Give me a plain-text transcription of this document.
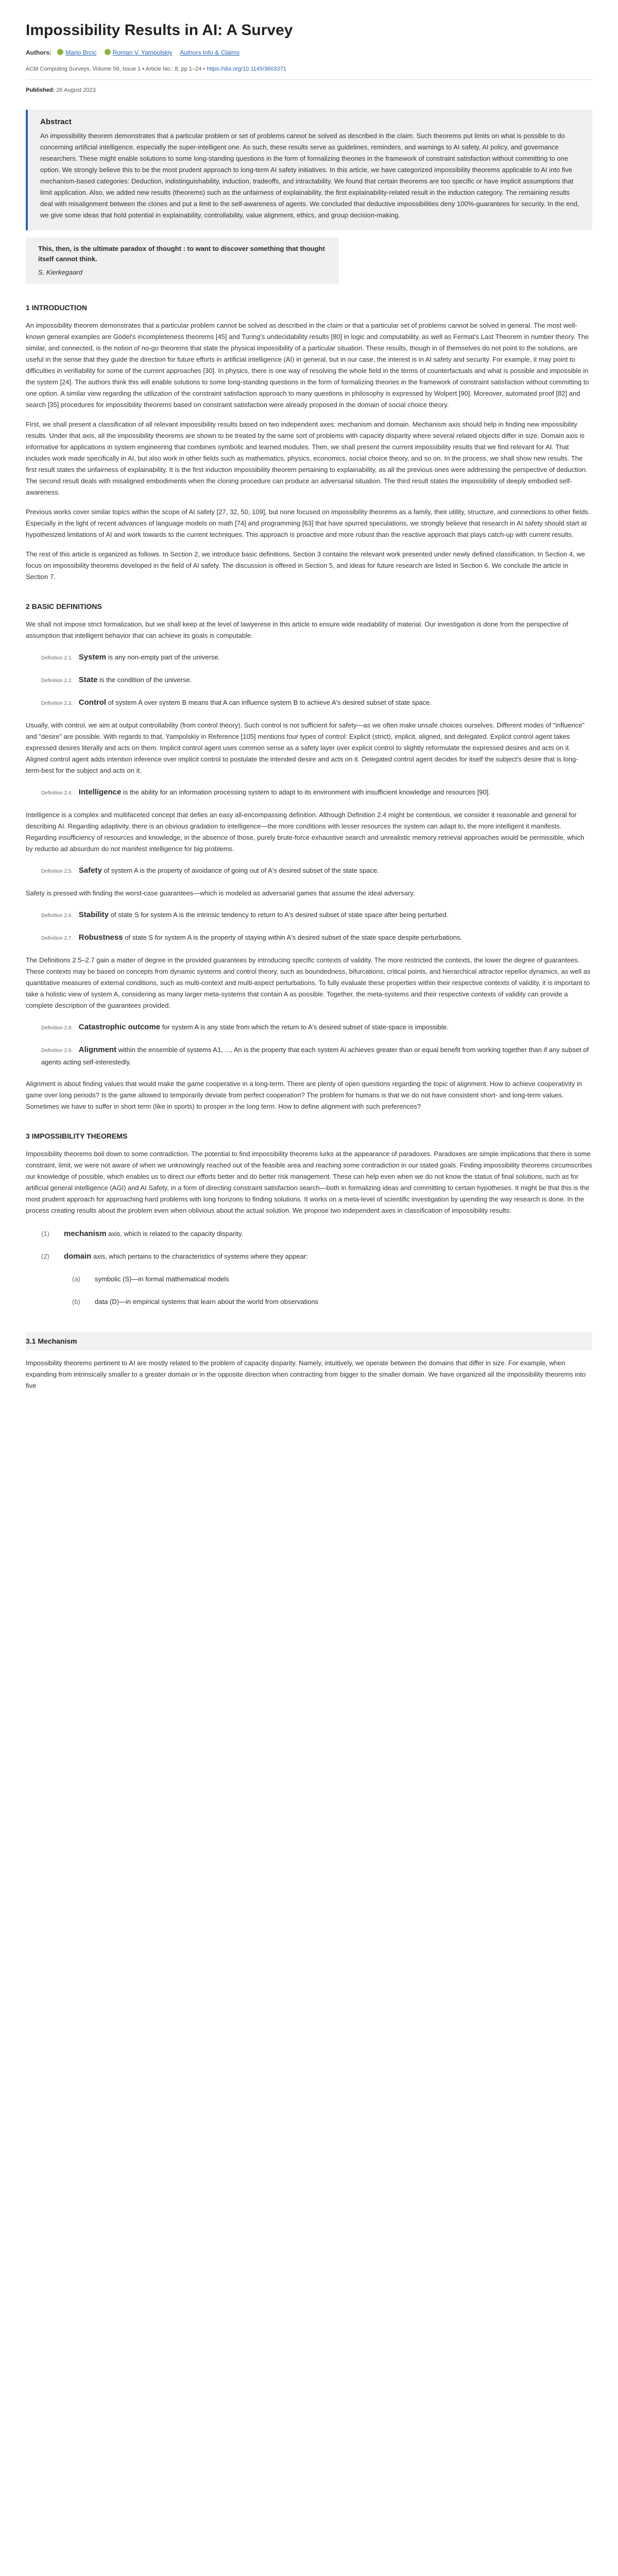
Impossibility Results in AI: A Survey
Authors: Mario Brcic	Roman V. Yampolskiy Authors Info & Claims
ACM Computing Surveys, Volume 56, Issue 1 • Article No.: 8, pp 1–24 • https://doi.org/10.1145/3603371
Published: 26 August 2023
Abstract

An impossibility theorem demonstrates that a particular problem or set of problems cannot be solved as described in the claim. Such theorems put limits on what is possible to do concerning artificial intelligence, especially the super-intelligent one. As such, these results serve as guidelines, reminders, and warnings to AI safety, AI policy, and governance researchers. These might enable solutions to some long-standing questions in the form of formalizing theories in the framework of constraint satisfaction without committing to one option. We strongly believe this to be the most prudent approach to long-term AI safety initiatives. In this article, we have categorized impossibility theorems applicable to AI into five mechanism-based categories: Deduction, indistinguishability, induction, tradeoffs, and intractability. We found that certain theorems are too specific or have implicit assumptions that limit application. Also, we added new results (theorems) such as the unfairness of explainability, the first explainability-related result in the induction category. The remaining results deal with misalignment between the clones and put a limit to the self-awareness of agents. We concluded that deductive impossibilities deny 100%-guarantees for security. In the end, we give some ideas that hold potential in explainability, controllability, value alignment, ethics, and group decision-making.

This, then, is the ultimate paradox of thought : to want to discover something that thought itself cannot think.

S. Kierkegaard
1 INTRODUCTION

An impossibility theorem demonstrates that a particular problem cannot be solved as described in the claim or that a particular set of problems cannot be solved in general. The most well-known general examples are Gödel's incompleteness theorems [45] and Turing's undecidability results [80] in logic and computability, as well as Fermat's Last Theorem in number theory. The similar, and connected, is the notion of no-go theorems that state the physical impossibility of a particular situation. These results, though in of themselves do not point to the solutions, are useful in the sense that they guide the direction for future efforts in artificial intelligence (AI) in general, but in our case, the interest is in AI safety and security. For example, it may point to difficulties in verifiability for some of the current approaches [30]. In physics, there is one way of resolving the whole field in the terms of counterfactuals and what is possible and impossible in the system [24]. The authors think this will enable solutions to some long-standing questions in the form of formalizing theories in the framework of constraint satisfaction without committing to one option. A similar view regarding the utilization of the constraint satisfaction approach to many questions in philosophy is expressed by Wolpert [90]. Moreover, automated proof [82] and search [35] procedures for impossibility theorems based on constraint satisfaction were already proposed in the domain of social choice theory.

First, we shall present a classification of all relevant impossibility results based on two independent axes: mechanism and domain. Mechanism axis should help in finding new impossibility results. Under that axis, all the impossibility theorems are shown to be treated by the same sort of problems with capacity disparity where several related objects differ in size. Domain axis is informative for applications in system engineering that combines symbolic and learned modules. Then, we shall present the current impossibility results that we find relevant for AI. That includes work made specifically in AI, but also work in other fields such as mathematics, physics, economics, social choice theory, and so on. In the process, we shall show new results. The first result states the unfairness of explainability. It is the first induction impossibility theorem pertaining to explainability, as all the previous ones were addressing the perspective of deduction. The second result deals with misaligned embodiments when the cloning procedure can produce an adversarial situation. The third result states the impossibility of deeply embodied self-awareness.

Previous works cover similar topics within the scope of AI safety [27, 32, 50, 109], but none focused on impossibility theorems as a family, their utility, structure, and connections to other fields. Especially in the light of recent advances of language models on math [74] and programming [63] that have spurred speculations, we strongly believe that research in AI safety should start at hypothesized limitations of AI and work towards to the current techniques. This approach is proactive and more robust than the reactive approach that plays catch-up with current results.

The rest of this article is organized as follows. In Section 2, we introduce basic definitions. Section 3 contains the relevant work presented under newly defined classification. In Section 4, we focus on impossibility theorems developed in the field of AI safety. The discussion is offered in Section 5, and ideas for future research are listed in Section 6. We conclude the article in Section 7.

2 BASIC DEFINITIONS

We shall not impose strict formalization, but we shall keep at the level of lawyerese in this article to ensure wide readability of material. Our investigation is done from the perspective of assumption that intelligent behavior that can achieve its goals is computable.

Definition 2.1. System is any non-empty part of the universe.
Definition 2.2. State is the condition of the universe.
Definition 2.3. Control of system A over system B means that A can influence system B to achieve A's desired subset of state space.

Usually, with control, we aim at output controllability (from control theory). Such control is not sufficient for safety—as we often make unsafe choices ourselves. Different modes of "influence" and "desire" are possible. With regards to that, Yampolskiy in Reference [105] mentions four types of control: Explicit (strict), implicit, aligned, and delegated. Explicit control agent takes expressed desires literally and acts on them. Implicit control agent uses common sense as a safety layer over explicit control to slightly reformulate the expressed desires and acts on it. Aligned control agent adds intention inference over implicit control to postulate the intended desire and acts on it. Delegated control agent decides for itself the subject's desire that is long-term-best for the subject and acts on it.

Definition 2.4. Intelligence is the ability for an information processing system to adapt to its environment with insufficient knowledge and resources [90].

Intelligence is a complex and multifaceted concept that defies an easy all-encompassing definition. Although Definition 2.4 might be contentious, we consider it reasonable and general for describing AI. Regarding adaptivity, there is an obvious gradation to intelligence—the more conditions with lesser resources the system can adapt to, the more intelligent it manifests. Regarding insufficiency of resources and knowledge, in the absence of those, purely brute-force exhaustive search and unrealistic memory retrieval approaches would be permissible, which by reductio ad absurdum do not manifest intelligence for big problems.

Definition 2.5. Safety of system A is the property of avoidance of going out of A's desired subset of the state space.

Safety is pressed with finding the worst-case guarantees—which is modeled as adversarial games that assume the ideal adversary.

Definition 2.6. Stability of state S for system A is the intrinsic tendency to return to A's desired subset of state space after being perturbed.
Definition 2.7. Robustness of state S for system A is the property of staying within A's desired subset of the state space despite perturbations.

The Definitions 2.5–2.7 gain a matter of degree in the provided guarantees by introducing specific contexts of validity. The more restricted the contexts, the lower the degree of guarantees. These contexts may be based on concepts from dynamic systems and control theory, such as boundedness, bifurcations, critical points, and hierarchical attractor repellor dynamics, as well as quantitative measures of external conditions, such as multi-context and multi-aspect perturbations. To fully evaluate these properties within their respective contexts of validity, it is important to take a holistic view of system A, considering as many larger meta-systems that contain A as possible. Together, the meta-systems and their respective contexts of validity can provide a complete description of the guarantees provided.

Definition 2.8. Catastrophic outcome for system A is any state from which the return to A's desired subset of state-space is impossible.
Definition 2.9. Alignment within the ensemble of systems A1, ..., An is the property that each system Ai achieves greater than or equal benefit from working together than if any subset of agents acting self-interestedly.

Alignment is about finding values that would make the game cooperative in a long-term. There are plenty of open questions regarding the topic of alignment. How to achieve cooperativity in game over long periods? Is the game allowed to temporarily deviate from perfect cooperation? The problem for humans is that we do not have consistent short- and long-term values. Sometimes we have to suffer in short term (like in sports) to prosper in the long term. How to define alignment with such preferences?

3 IMPOSSIBILITY THEOREMS

Impossibility theorems boil down to some contradiction. The potential to find impossibility theorems lurks at the appearance of paradoxes. Paradoxes are simple implications that there is some constraint, limit, we were not aware of when we unknowingly reached out of the feasible area and reaching some contradiction in our stated goals. Finding impossibility theorems circumscribes our knowledge of possible, which enables us to direct our efforts better and do better risk management. These can help even when we do not know the status of final solutions, such as for artificial general intelligence (AGI) and AI Safety, in a form of directing constraint satisfaction search—both in formalizing ideas and committing to certain hypotheses. It might be that this is the most prudent approach for approaching hard problems with long horizons to finding solutions. It works on a meta-level of scientific investigation by upending the way research is done. In the process creating results about the problem even when oblivious about the actual solution. We propose two independent axes in classification of impossibility results:

(1) mechanism axis, which is related to the capacity disparity.
(2) domain axis, which pertains to the characteristics of systems where they appear:
(a) symbolic (S)—in formal mathematical models
(b) data (D)—in empirical systems that learn about the world from observations
3.1 Mechanism

Impossibility theorems pertinent to AI are mostly related to the problem of capacity disparity. Namely, intuitively, we operate between the domains that differ in size. For example, when expanding from intrinsically smaller to a greater domain or in the opposite direction when contracting from bigger to the smaller domain. We have organized all the impossibility theorems into five
